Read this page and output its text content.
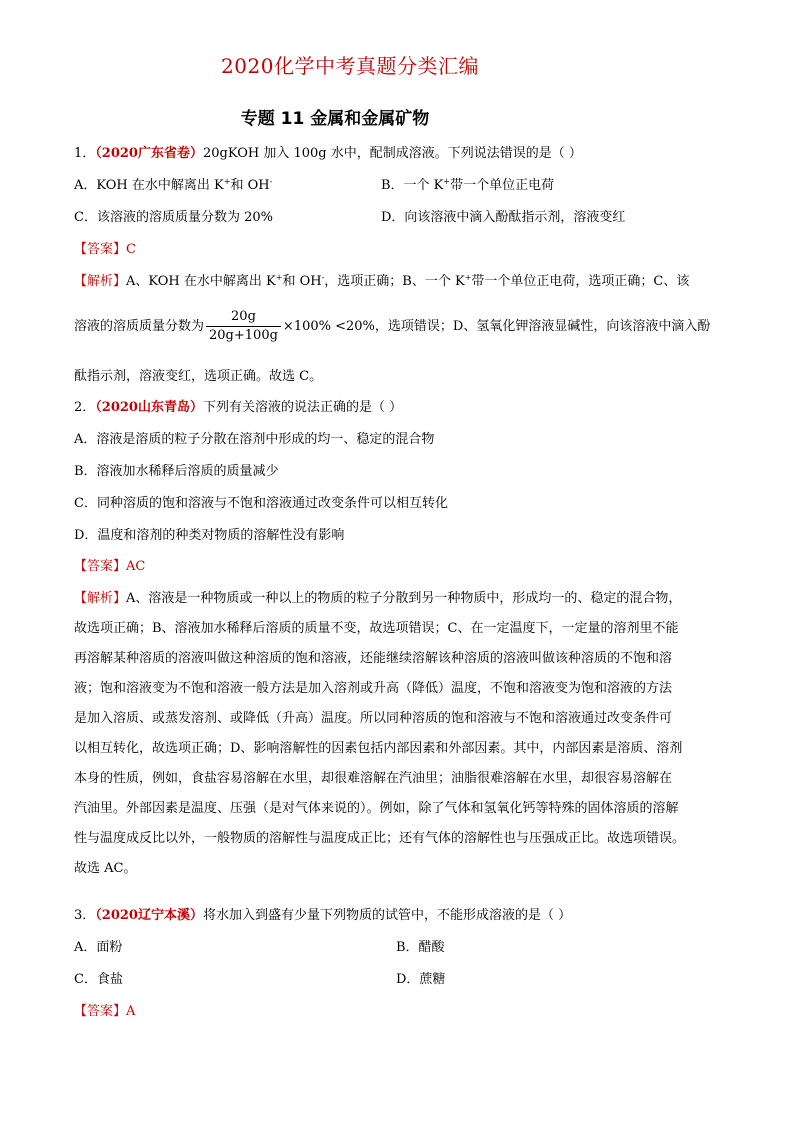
2020化学中考真题分类汇编
专题 11 金属和金属矿物
1．（2020广东省卷）20gKOH 加入 100g 水中，配制成溶液。下列说法错误的是（ ）
A．KOH 在水中解离出 K+和 OH-	B．一个 K+带一个单位正电荷
C．该溶液的溶质质量分数为 20%	D．向该溶液中滴入酚酞指示剂，溶液变红
【答案】C
【解析】A、KOH 在水中解离出 K+和 OH-，选项正确；B、一个 K+带一个单位正电荷，选项正确；C、该
溶液的溶质质量分数为 $\frac{20g}{20g+100g} \times 100\% <20\%$，选项错误；D、氢氧化钾溶液显碱性，向该溶液中滴入酚
酞指示剂，溶液变红，选项正确。故选 C。
2．（2020山东青岛）下列有关溶液的说法正确的是（ ）
A．溶液是溶质的粒子分散在溶剂中形成的均一、稳定的混合物
B．溶液加水稀释后溶质的质量减少
C．同种溶质的饱和溶液与不饱和溶液通过改变条件可以相互转化
D．温度和溶剂的种类对物质的溶解性没有影响
【答案】AC
【解析】A、溶液是一种物质或一种以上的物质的粒子分散到另一种物质中，形成均一的、稳定的混合物，
故选项正确；B、溶液加水稀释后溶质的质量不变，故选项错误；C、在一定温度下，一定量的溶剂里不能
再溶解某种溶质的溶液叫做这种溶质的饱和溶液，还能继续溶解该种溶质的溶液叫做该种溶质的不饱和溶
液；饱和溶液变为不饱和溶液一般方法是加入溶剂或升高（降低）温度，不饱和溶液变为饱和溶液的方法
是加入溶质、或蒸发溶剂、或降低（升高）温度。所以同种溶质的饱和溶液与不饱和溶液通过改变条件可
以相互转化，故选项正确；D、影响溶解性的因素包括内部因素和外部因素。其中，内部因素是溶质、溶剂
本身的性质，例如，食盐容易溶解在水里，却很难溶解在汽油里；油脂很难溶解在水里，却很容易溶解在
汽油里。外部因素是温度、压强（是对气体来说的）。例如，除了气体和氢氧化钙等特殊的固体溶质的溶解
性与温度成反比以外，一般物质的溶解性与温度成正比；还有气体的溶解性也与压强成正比。故选项错误。
故选 AC。
3．（2020辽宁本溪）将水加入到盛有少量下列物质的试管中，不能形成溶液的是（ ）
A．面粉	B．醋酸
C．食盐	D．蔗糖
【答案】A
